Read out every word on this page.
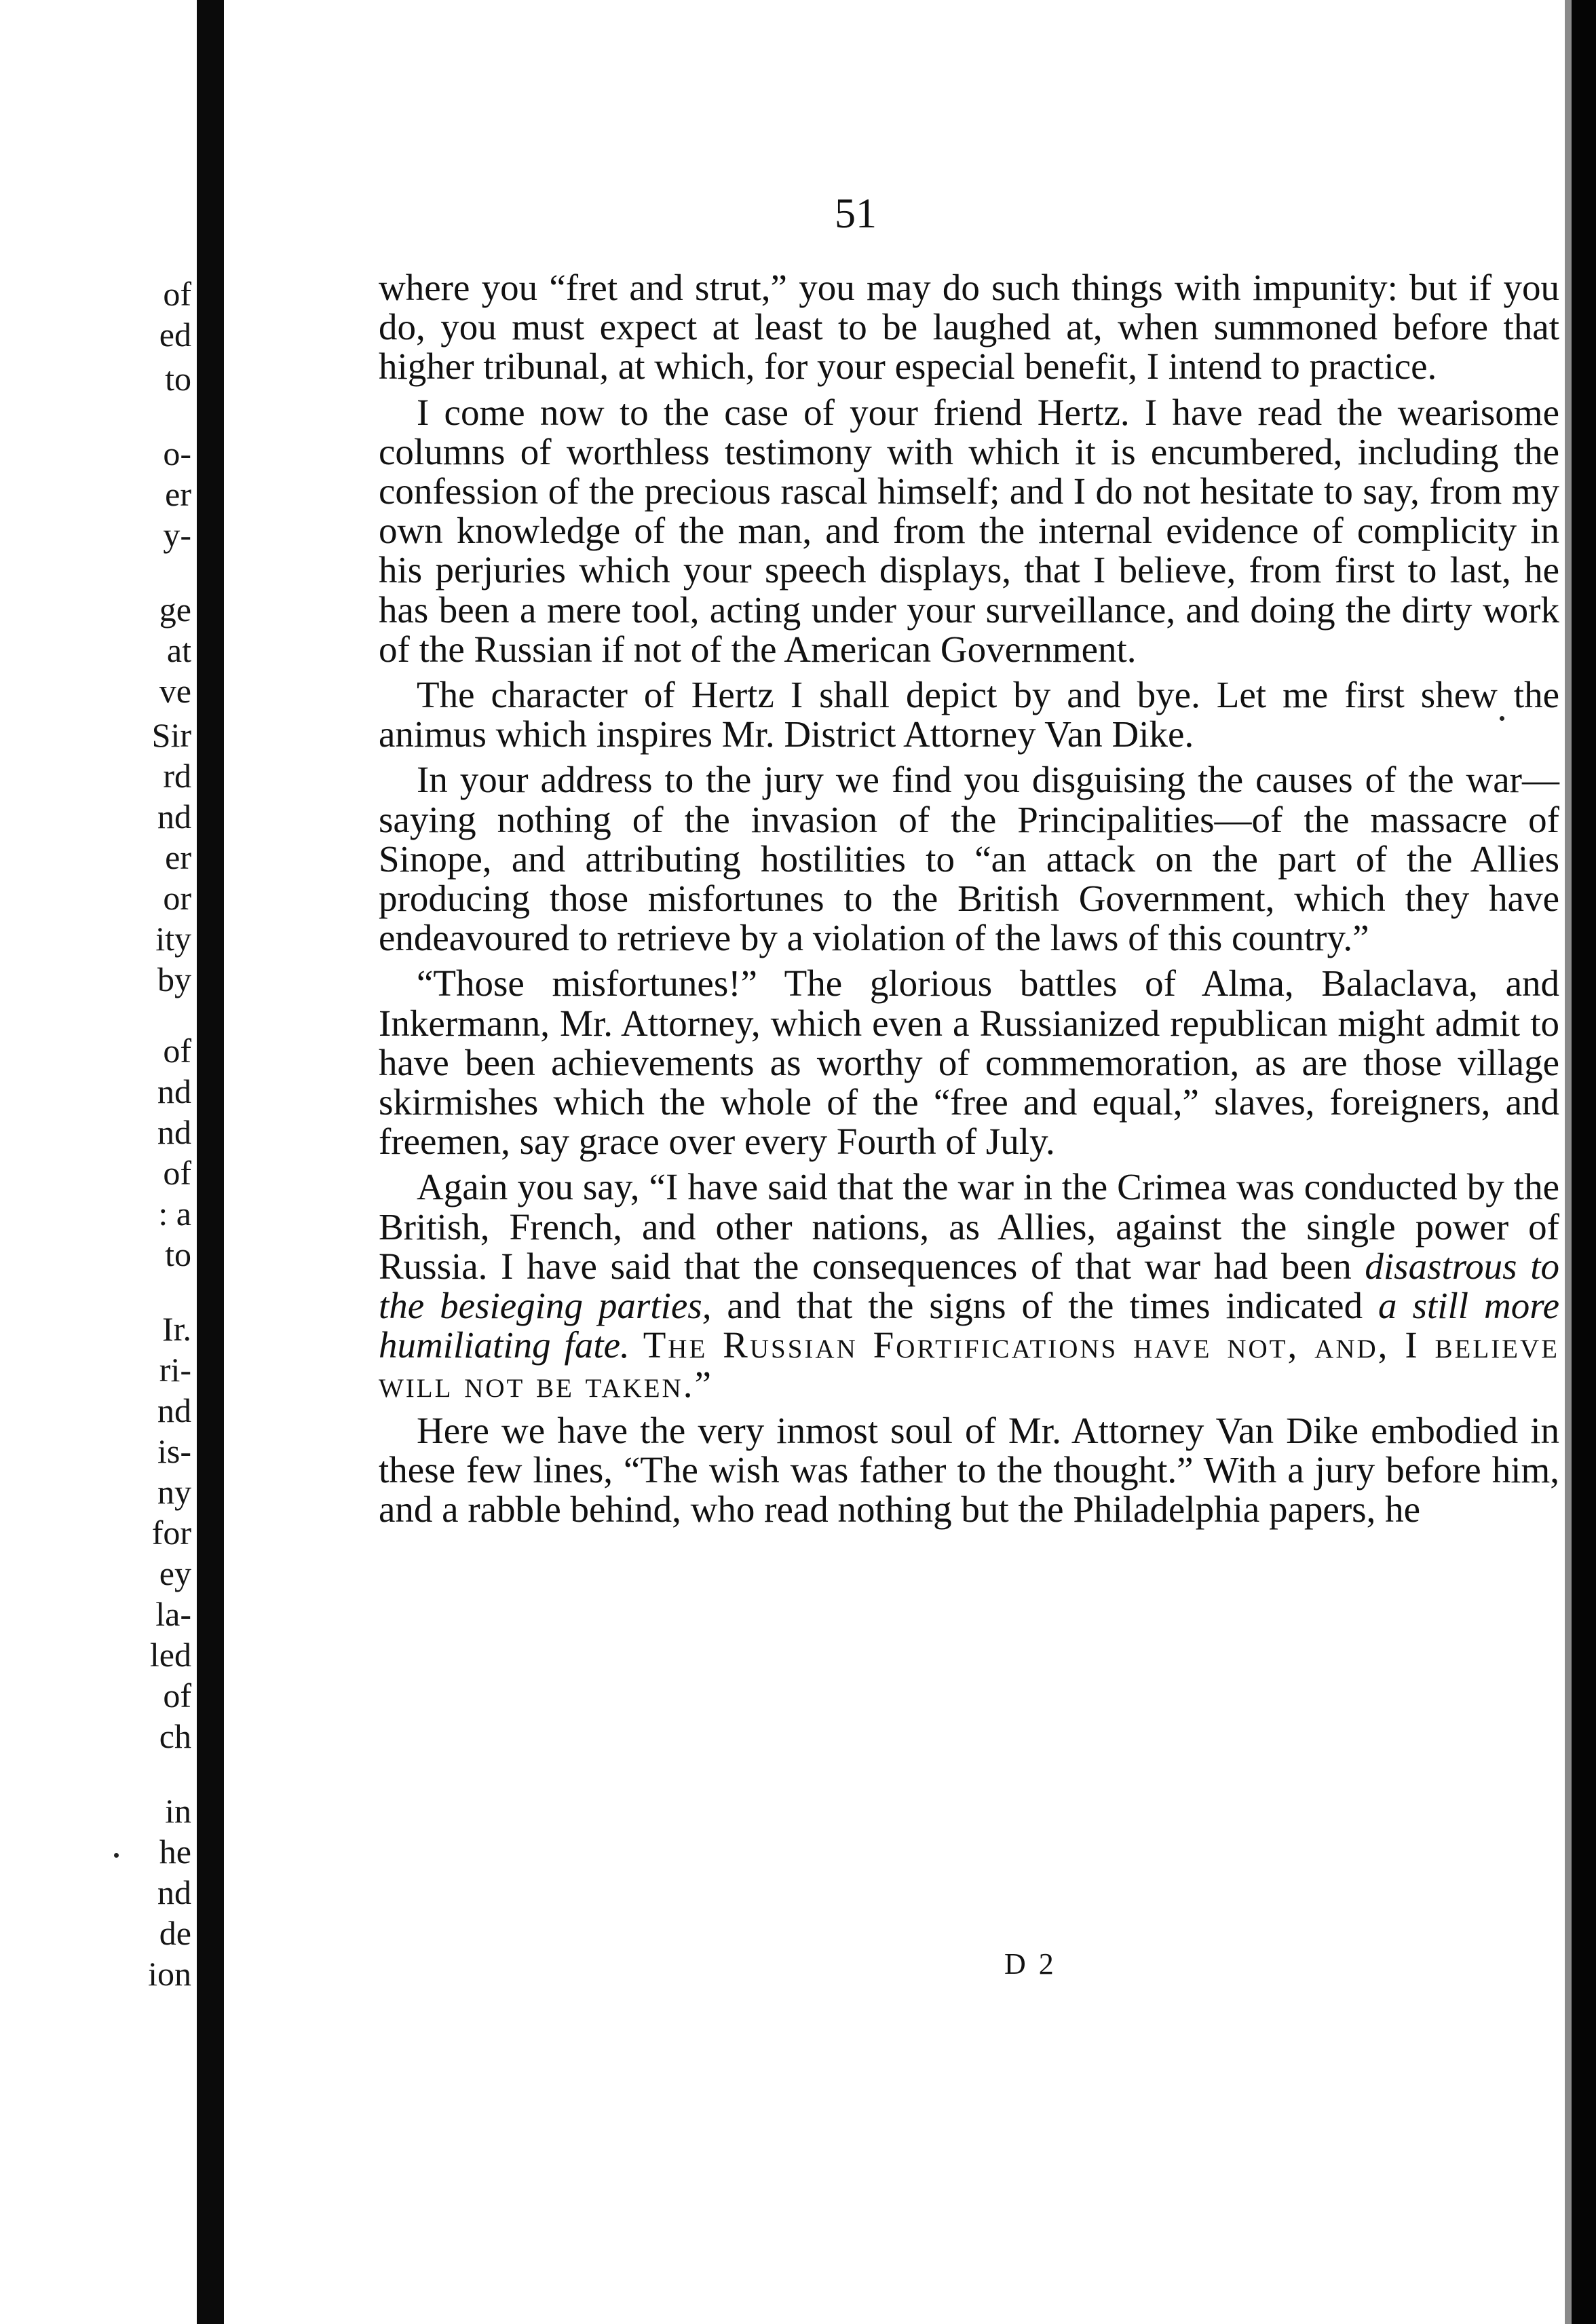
of
ed
to
o-
er
y-
ge
at
ve
Sir
rd
nd
er
or
ity
by
of
nd
nd
of
: a
to
Ir.
ri-
nd
is-
ny
for
ey
la-
led
of
ch
in
he
nd
de
ion
51

where you “fret and strut,” you may do such things with impunity: but if you do, you must expect at least to be laughed at, when summoned before that higher tribunal, at which, for your especial benefit, I intend to practice.

I come now to the case of your friend Hertz. I have read the wearisome columns of worthless testimony with which it is encumbered, including the confession of the precious rascal himself; and I do not hesitate to say, from my own knowledge of the man, and from the internal evidence of complicity in his perjuries which your speech displays, that I believe, from first to last, he has been a mere tool, acting under your surveillance, and doing the dirty work of the Russian if not of the American Government.

The character of Hertz I shall depict by and bye. Let me first shew the animus which inspires Mr. District Attorney Van Dike.

In your address to the jury we find you disguising the causes of the war—saying nothing of the invasion of the Principalities—of the massacre of Sinope, and attributing hostilities to “an attack on the part of the Allies producing those misfortunes to the British Government, which they have endeavoured to retrieve by a violation of the laws of this country.”

“Those misfortunes!” The glorious battles of Alma, Balaclava, and Inkermann, Mr. Attorney, which even a Russianized republican might admit to have been achievements as worthy of commemoration, as are those village skirmishes which the whole of the “free and equal,” slaves, foreigners, and freemen, say grace over every Fourth of July.

Again you say, “I have said that the war in the Crimea was conducted by the British, French, and other nations, as Allies, against the single power of Russia. I have said that the consequences of that war had been disastrous to the besieging parties, and that the signs of the times indicated a still more humiliating fate. The Russian Fortifications have not, and, I believe will not be taken.”

Here we have the very inmost soul of Mr. Attorney Van Dike embodied in these few lines, “The wish was father to the thought.” With a jury before him, and a rabble behind, who read nothing but the Philadelphia papers, he

D 2
